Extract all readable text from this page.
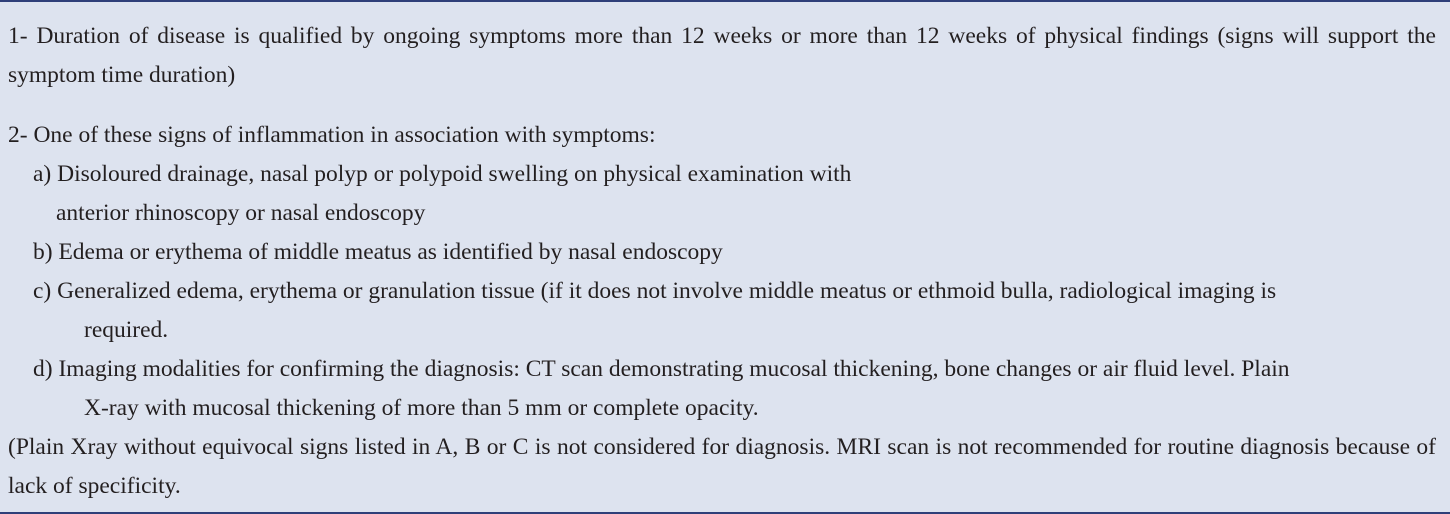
1- Duration of disease is qualified by ongoing symptoms more than 12 weeks or more than 12 weeks of physical findings (signs will support the symptom time duration)
2- One of these signs of inflammation in association with symptoms:
a) Disoloured drainage, nasal polyp or polypoid swelling on physical examination with
anterior rhinoscopy or nasal endoscopy
b) Edema or erythema of middle meatus as identified by nasal endoscopy
c) Generalized edema, erythema or granulation tissue (if it does not involve middle meatus or ethmoid bulla, radiological imaging is
required.
d) Imaging modalities for confirming the diagnosis: CT scan demonstrating mucosal thickening, bone changes or air fluid level. Plain
X-ray with mucosal thickening of more than 5 mm or complete opacity.
(Plain Xray without equivocal signs listed in A, B or C is not considered for diagnosis. MRI scan is not recommended for routine diagnosis because of lack of specificity.
